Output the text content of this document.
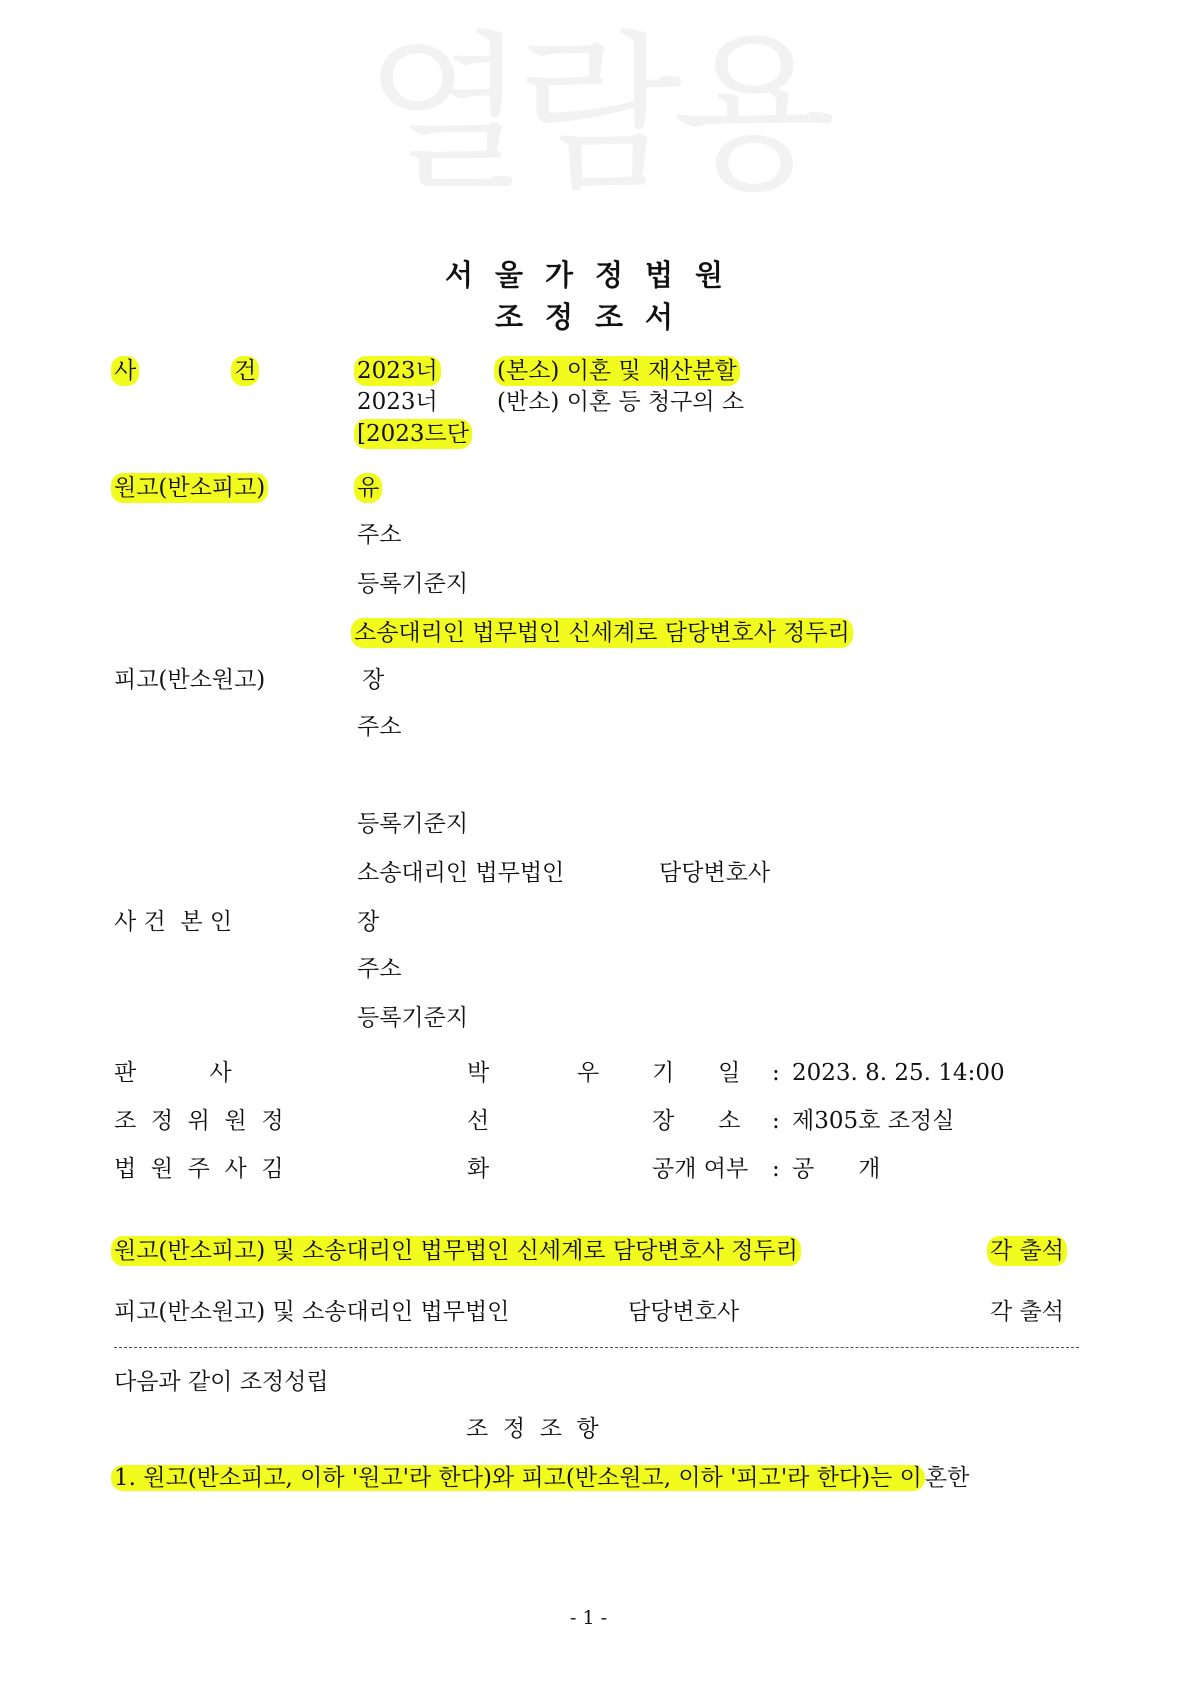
열람용
서울가정법원
조정조서
사	건	2023너	(본소) 이혼 및 재산분할
2023너	(반소) 이혼 등 청구의 소
[2023드단
원고(반소피고)	유
주소
등록기준지
소송대리인 법무법인 신세계로 담당변호사 정두리
피고(반소원고)	장
주소
등록기준지
소송대리인 법무법인	담당변호사
사 건  본 인	장
주소
등록기준지
판          사	박            우 기      일 : 2023. 8. 25. 14:00
조  정  위  원  정	선	장      소 : 제305호 조정실
법  원  주  사  김	화	공개 여부 : 공      개
원고(반소피고) 및 소송대리인 법무법인 신세계로 담당변호사 정두리	각 출석
피고(반소원고) 및 소송대리인 법무법인	담당변호사	각 출석
다음과 같이 조정성립
조  정  조  항
1. 원고(반소피고, 이하 '원고'라 한다)와 피고(반소원고, 이하 '피고'라 한다)는 이 혼한
- 1 -
